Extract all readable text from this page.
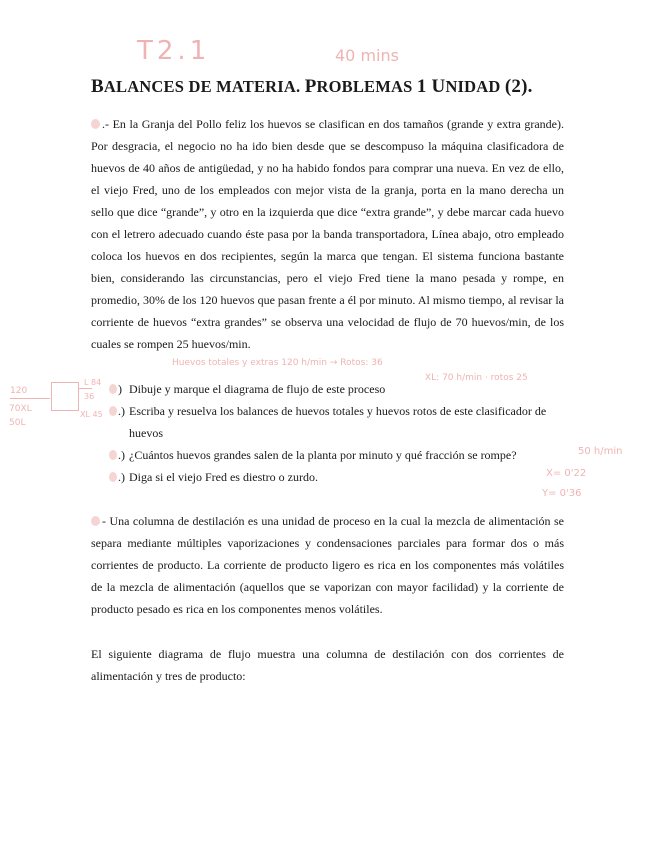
T2.1	40 mins
BALANCES DE MATERIA. PROBLEMAS 1 UNIDAD (2).
.- En la Granja del Pollo feliz los huevos se clasifican en dos tamaños (grande y extra grande). Por desgracia, el negocio no ha ido bien desde que se descompuso la máquina clasificadora de huevos de 40 años de antigüedad, y no ha habido fondos para comprar una nueva. En vez de ello, el viejo Fred, uno de los empleados con mejor vista de la granja, porta en la mano derecha un sello que dice “grande”, y otro en la izquierda que dice “extra grande”, y debe marcar cada huevo con el letrero adecuado cuando éste pasa por la banda transportadora, Línea abajo, otro empleado coloca los huevos en dos recipientes, según la marca que tengan. El sistema funciona bastante bien, considerando las circunstancias, pero el viejo Fred tiene la mano pesada y rompe, en promedio, 30% de los 120 huevos que pasan frente a él por minuto. Al mismo tiempo, al revisar la corriente de huevos “extra grandes” se observa una velocidad de flujo de 70 huevos/min, de los cuales se rompen 25 huevos/min.
Huevos totales y extras 120 h/min → Rotos: 36
XL: 70 h/min · rotos 25
120
70XL
50L
L 84
36
XL 45
) Dibuje y marque el diagrama de flujo de este proceso
.) Escriba y resuelva los balances de huevos totales y huevos rotos de este clasificador de huevos
.) ¿Cuántos huevos grandes salen de la planta por minuto y qué fracción se rompe?
.) Diga si el viejo Fred es diestro o zurdo.
50 h/min
X= 0'22
Y= 0'36
- Una columna de destilación es una unidad de proceso en la cual la mezcla de alimentación se separa mediante múltiples vaporizaciones y condensaciones parciales para formar dos o más corrientes de producto. La corriente de producto ligero es rica en los componentes más volátiles de la mezcla de alimentación (aquellos que se vaporizan con mayor facilidad) y la corriente de producto pesado es rica en los componentes menos volátiles.
El siguiente diagrama de flujo muestra una columna de destilación con dos corrientes de alimentación y tres de producto:
